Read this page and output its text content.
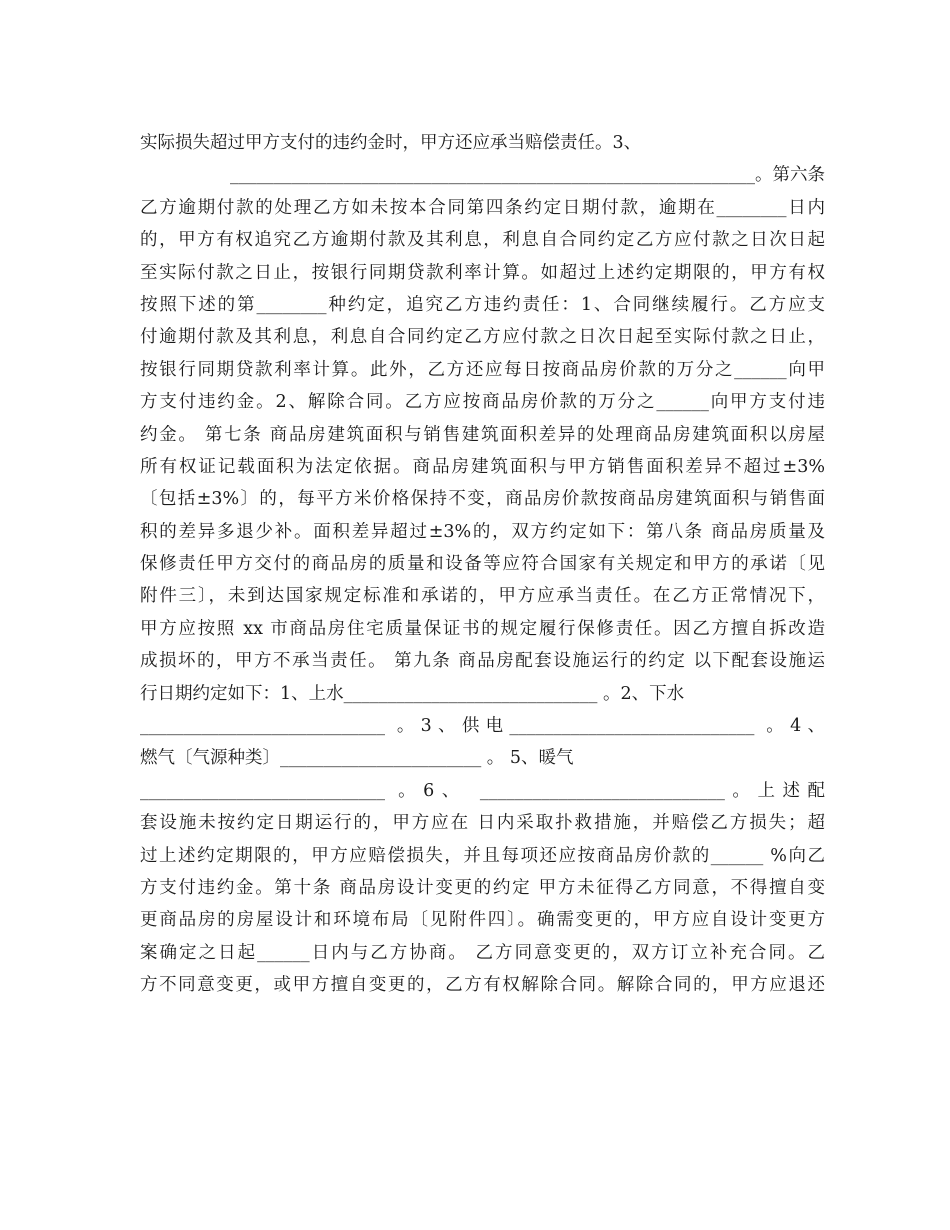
实际损失超过甲方支付的违约金时，甲方还应承当赔偿责任。3、
____________________________________________________________。第六条
乙方逾期付款的处理乙方如未按本合同第四条约定日期付款，逾期在________日内
的，甲方有权追究乙方逾期付款及其利息，利息自合同约定乙方应付款之日次日起
至实际付款之日止，按银行同期贷款利率计算。如超过上述约定期限的，甲方有权
按照下述的第________种约定，追究乙方违约责任：1、合同继续履行。乙方应支
付逾期付款及其利息，利息自合同约定乙方应付款之日次日起至实际付款之日止，
按银行同期贷款利率计算。此外，乙方还应每日按商品房价款的万分之______向甲
方支付违约金。2、解除合同。乙方应按商品房价款的万分之______向甲方支付违
约金。 第七条 商品房建筑面积与销售建筑面积差异的处理商品房建筑面积以房屋
所有权证记载面积为法定依据。商品房建筑面积与甲方销售面积差异不超过±3%
〔包括±3%〕的，每平方米价格保持不变，商品房价款按商品房建筑面积与销售面
积的差异多退少补。面积差异超过±3%的，双方约定如下：第八条 商品房质量及
保修责任甲方交付的商品房的质量和设备等应符合国家有关规定和甲方的承诺〔见
附件三〕，未到达国家规定标准和承诺的，甲方应承当责任。在乙方正常情况下，
甲方应按照 xx 市商品房住宅质量保证书的规定履行保修责任。因乙方擅自拆改造
成损坏的，甲方不承当责任。 第九条 商品房配套设施运行的约定 以下配套设施运
行日期约定如下：1、上水_____________________________ 。2、下水
____________________________ 。3、供电____________________________ 。4、
燃气〔气源种类〕_______________________ 。 5、暖气
____________________________ 。6、 ____________________________。上述配
套设施未按约定日期运行的，甲方应在 日内采取扑救措施，并赔偿乙方损失；超
过上述约定期限的，甲方应赔偿损失，并且每项还应按商品房价款的______ %向乙
方支付违约金。第十条 商品房设计变更的约定 甲方未征得乙方同意，不得擅自变
更商品房的房屋设计和环境布局〔见附件四〕。确需变更的，甲方应自设计变更方
案确定之日起______日内与乙方协商。 乙方同意变更的，双方订立补充合同。乙
方不同意变更，或甲方擅自变更的，乙方有权解除合同。解除合同的，甲方应退还
